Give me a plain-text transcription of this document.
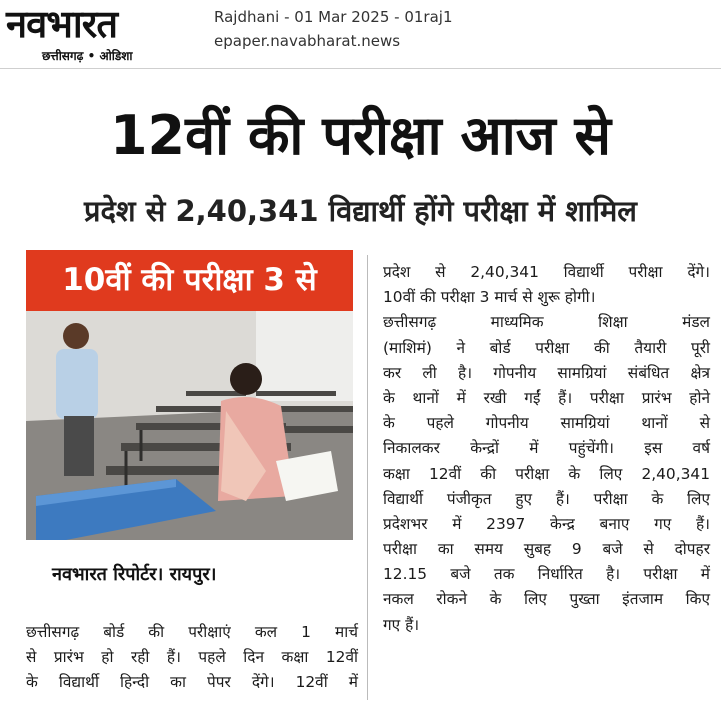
नवभारत
छत्तीसगढ़ • ओडिशा
Rajdhani - 01 Mar 2025 - 01raj1
epaper.navabharat.news
12वीं की परीक्षा आज से
प्रदेश से 2,40,341 विद्यार्थी होंगे परीक्षा में शामिल
10वीं की परीक्षा 3 से
नवभारत रिपोर्टर। रायपुर।
छत्तीसगढ़ बोर्ड की परीक्षाएं कल 1 मार्च
से प्रारंभ हो रही हैं। पहले दिन कक्षा 12वीं
के विद्यार्थी हिन्दी का पेपर देंगे। 12वीं में
प्रदेश से 2,40,341 विद्यार्थी परीक्षा देंगे।
10वीं की परीक्षा 3 मार्च से शुरू होगी।
छत्तीसगढ़ माध्यमिक शिक्षा मंडल
(माशिमं) ने बोर्ड परीक्षा की तैयारी पूरी
कर ली है। गोपनीय सामग्रियां संबंधित क्षेत्र
के थानों में रखी गईं हैं। परीक्षा प्रारंभ होने
के पहले गोपनीय सामग्रियां थानों से
निकालकर केन्द्रों में पहुंचेंगी। इस वर्ष
कक्षा 12वीं की परीक्षा के लिए 2,40,341
विद्यार्थी पंजीकृत हुए हैं। परीक्षा के लिए
प्रदेशभर में 2397 केन्द्र बनाए गए हैं।
परीक्षा का समय सुबह 9 बजे से दोपहर
12.15 बजे तक निर्धारित है। परीक्षा में
नकल रोकने के लिए पुख्ता इंतजाम किए
गए हैं।
